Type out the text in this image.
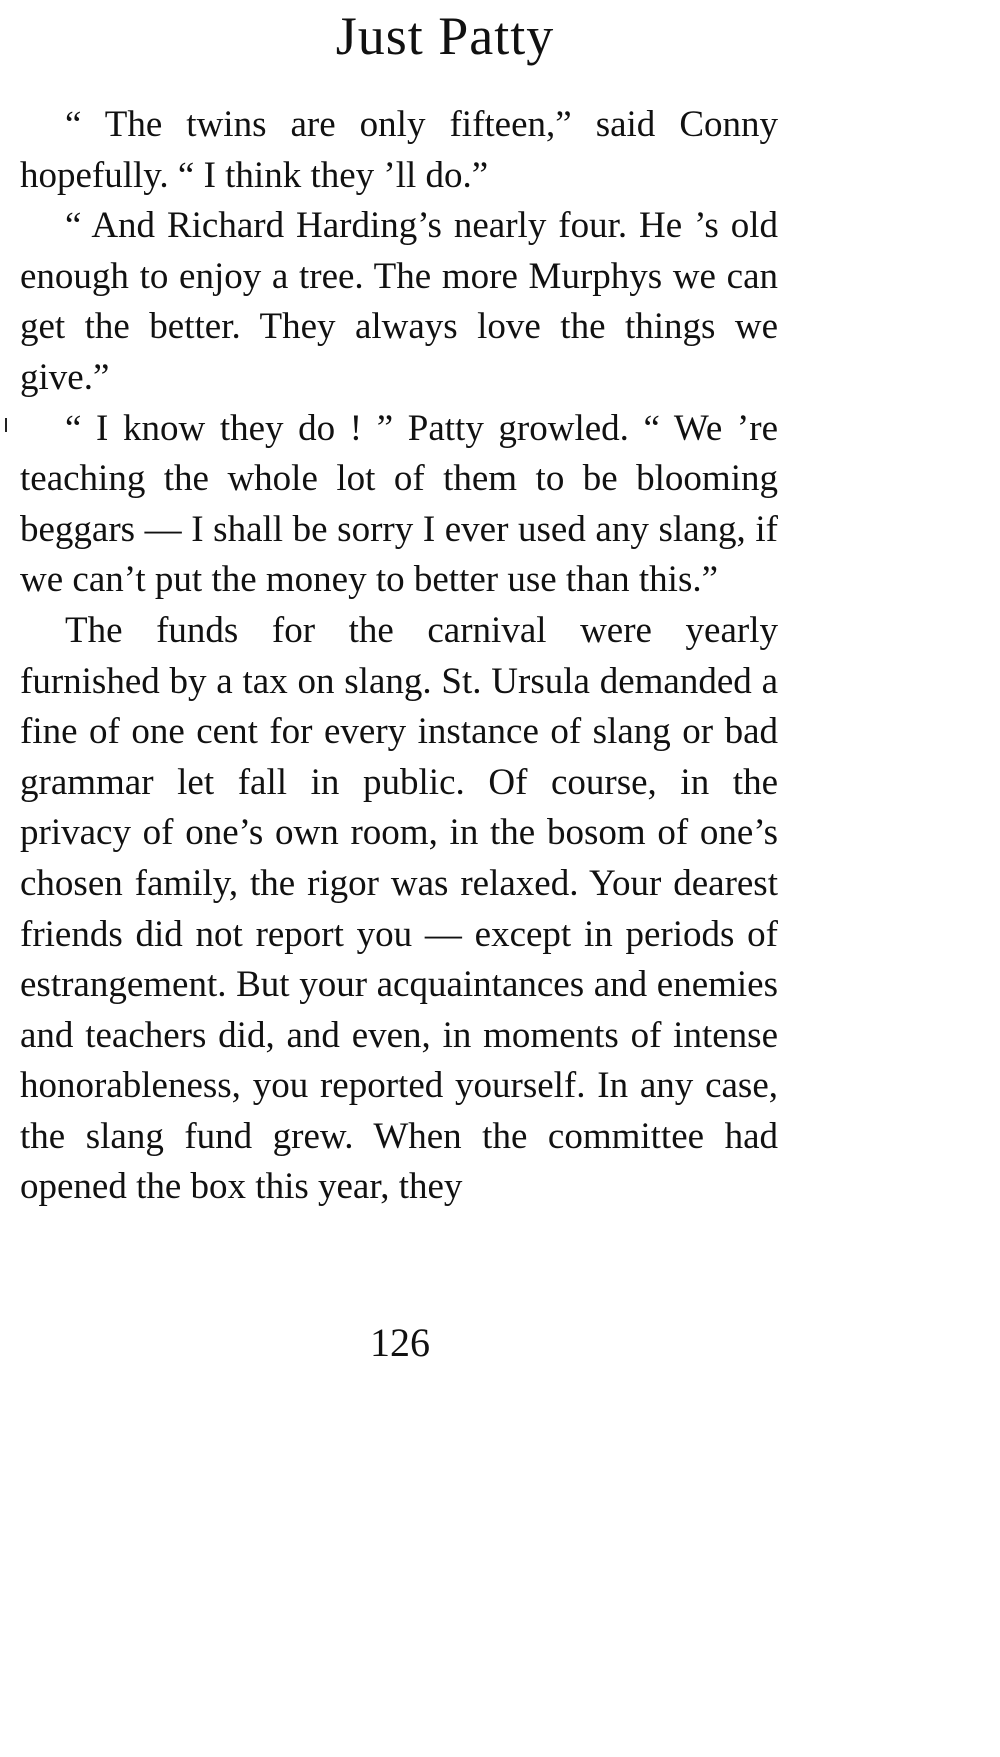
Just Patty

“ The twins are only fifteen,” said Conny hopefully. “ I think they ’ll do.”

“ And Richard Harding’s nearly four. He ’s old enough to enjoy a tree. The more Murphys we can get the better. They always love the things we give.”

“ I know they do ! ” Patty growled. “ We ’re teaching the whole lot of them to be blooming beggars — I shall be sorry I ever used any slang, if we can’t put the money to better use than this.”

The funds for the carnival were yearly furnished by a tax on slang. St. Ursula demanded a fine of one cent for every instance of slang or bad grammar let fall in public. Of course, in the privacy of one’s own room, in the bosom of one’s chosen family, the rigor was relaxed. Your dearest friends did not report you — except in periods of estrangement. But your acquaintances and enemies and teachers did, and even, in moments of intense honorableness, you reported yourself. In any case, the slang fund grew. When the committee had opened the box this year, they

126
